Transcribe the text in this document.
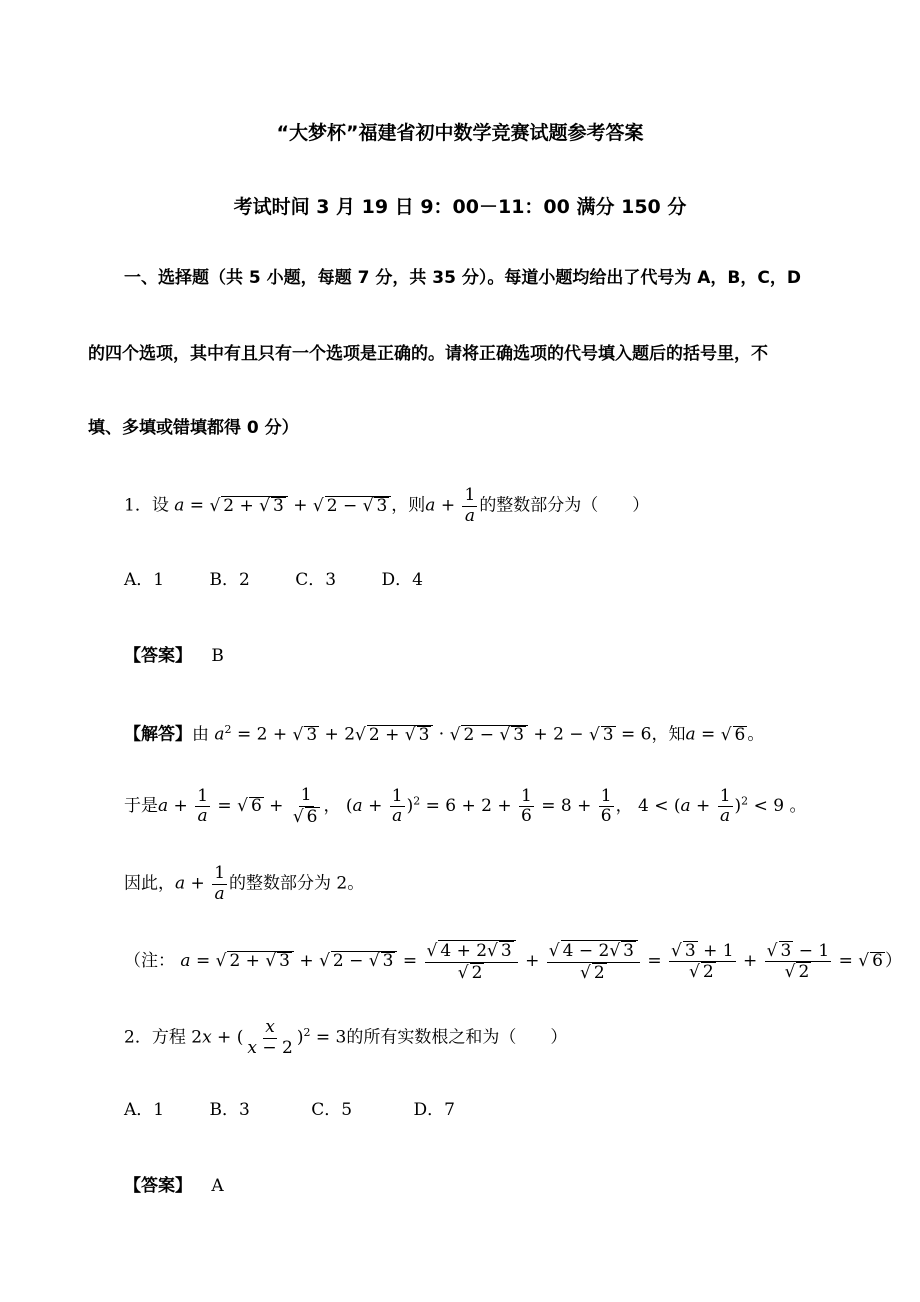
“大梦杯”福建省初中数学竞赛试题参考答案
考试时间 3 月 19 日 9：00－11：00 满分 150 分
一、选择题（共 5 小题，每题 7 分，共 35 分）。每道小题均给出了代号为 A，B，C，D
的四个选项，其中有且只有一个选项是正确的。请将正确选项的代号填入题后的括号里，不
填、多填或错填都得 0 分）
1．设 a = √ 2 + √ 3 + √ 2 − √ 3 ，则$a + \frac{1}{a}$ 的整数部分为（　　）
A．1	B．2	C．3	D．4
【答案】 B
【解答】由 $a^2 = 2$ + √ 3 + 2 √ 2 + √ 3 · √ 2 − √ 3 + 2 − √ 3 = 6，知a = √ 6 。
于是$a + \frac{1}{a}$ = √ 6 + 1
√ 6 ， $(a + \frac{1}{a} )^2 = 6 + 2 + \frac{1}{6} = 8 + \frac{1}{6}$ ， $4 < (a + \frac{1}{a} )^2 < 9$ 。
因此，$a + \frac{1}{a}$ 的整数部分为 2。
（注： a = √ 2 + √ 3 + √ 2 − √ 3 = √ 4 + 2 √ 3
√ 2 + √ 4 − 2 √ 3
√ 2 = √ 3 + 1
√ 2 + √ 3 − 1
√ 2 = √ 6 ）
2．方程 2x + ( $\frac{x}{x - 2} )^2 = 3$的所有实数根之和为（　　）
A．1	B．3	C．5	D．7
【答案】 A
